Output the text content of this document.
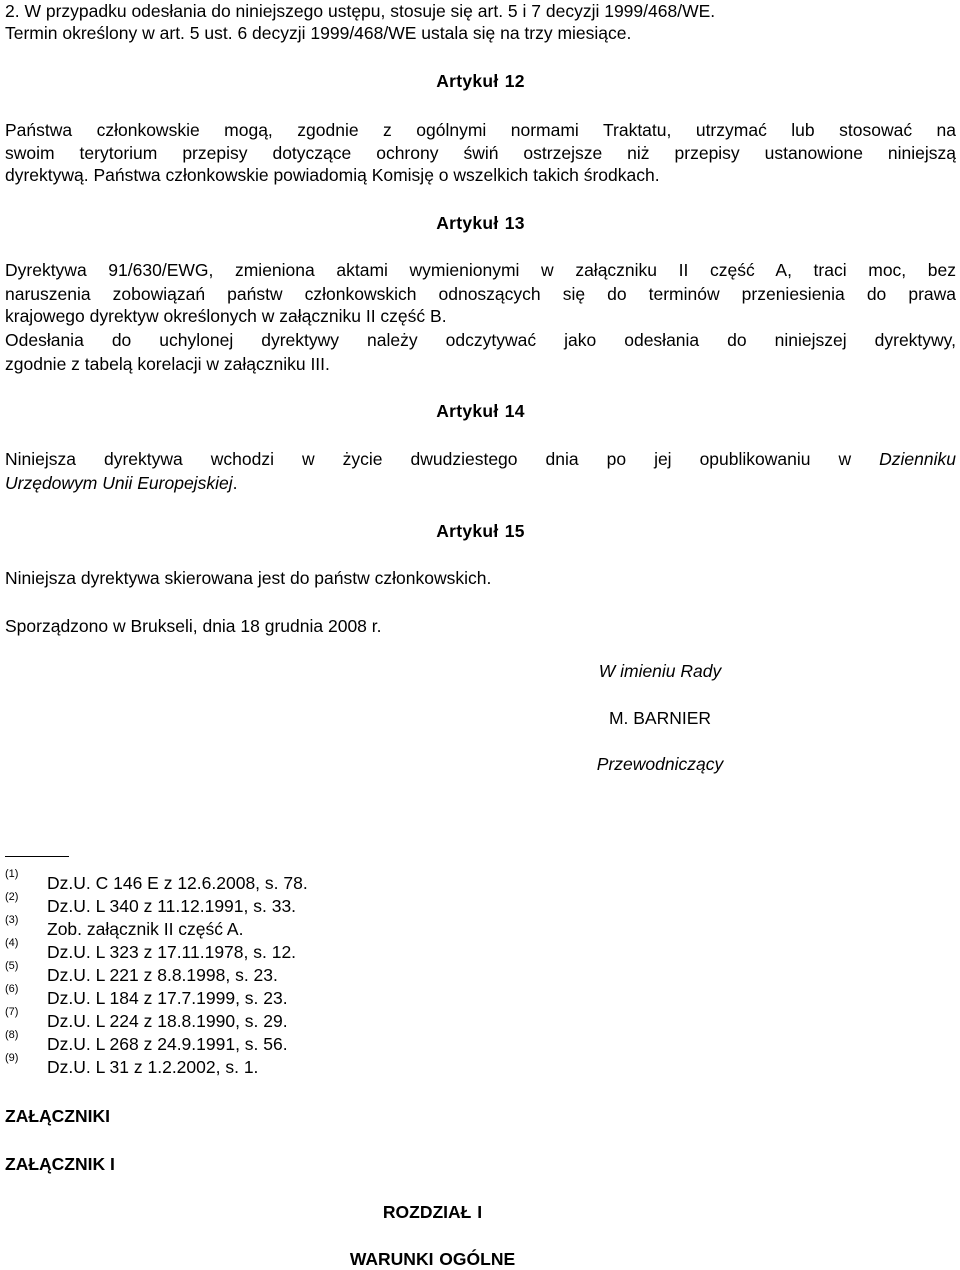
2. W przypadku odesłania do niniejszego ustępu, stosuje się art. 5 i 7 decyzji 1999/468/WE.
Termin określony w art. 5 ust. 6 decyzji 1999/468/WE ustala się na trzy miesiące.
Artykuł 12
Państwa członkowskie mogą, zgodnie z ogólnymi normami Traktatu, utrzymać lub stosować na
swoim terytorium przepisy dotyczące ochrony świń ostrzejsze niż przepisy ustanowione niniejszą
dyrektywą. Państwa członkowskie powiadomią Komisję o wszelkich takich środkach.
Artykuł 13
Dyrektywa 91/630/EWG, zmieniona aktami wymienionymi w załączniku II część A, traci moc, bez
naruszenia zobowiązań państw członkowskich odnoszących się do terminów przeniesienia do prawa
krajowego dyrektyw określonych w załączniku II część B.
Odesłania do uchylonej dyrektywy należy odczytywać jako odesłania do niniejszej dyrektywy,
zgodnie z tabelą korelacji w załączniku III.
Artykuł 14
Niniejsza dyrektywa wchodzi w życie dwudziestego dnia po jej opublikowaniu w Dzienniku
Urzędowym Unii Europejskiej.
Artykuł 15
Niniejsza dyrektywa skierowana jest do państw członkowskich.
Sporządzono w Brukseli, dnia 18 grudnia 2008 r.
W imieniu Rady
M. BARNIER
Przewodniczący
(1) Dz.U. C 146 E z 12.6.2008, s. 78.
(2) Dz.U. L 340 z 11.12.1991, s. 33.
(3) Zob. załącznik II część A.
(4) Dz.U. L 323 z 17.11.1978, s. 12.
(5) Dz.U. L 221 z 8.8.1998, s. 23.
(6) Dz.U. L 184 z 17.7.1999, s. 23.
(7) Dz.U. L 224 z 18.8.1990, s. 29.
(8) Dz.U. L 268 z 24.9.1991, s. 56.
(9) Dz.U. L 31 z 1.2.2002, s. 1.
ZAŁĄCZNIKI
ZAŁĄCZNIK I
ROZDZIAŁ I
WARUNKI OGÓLNE
